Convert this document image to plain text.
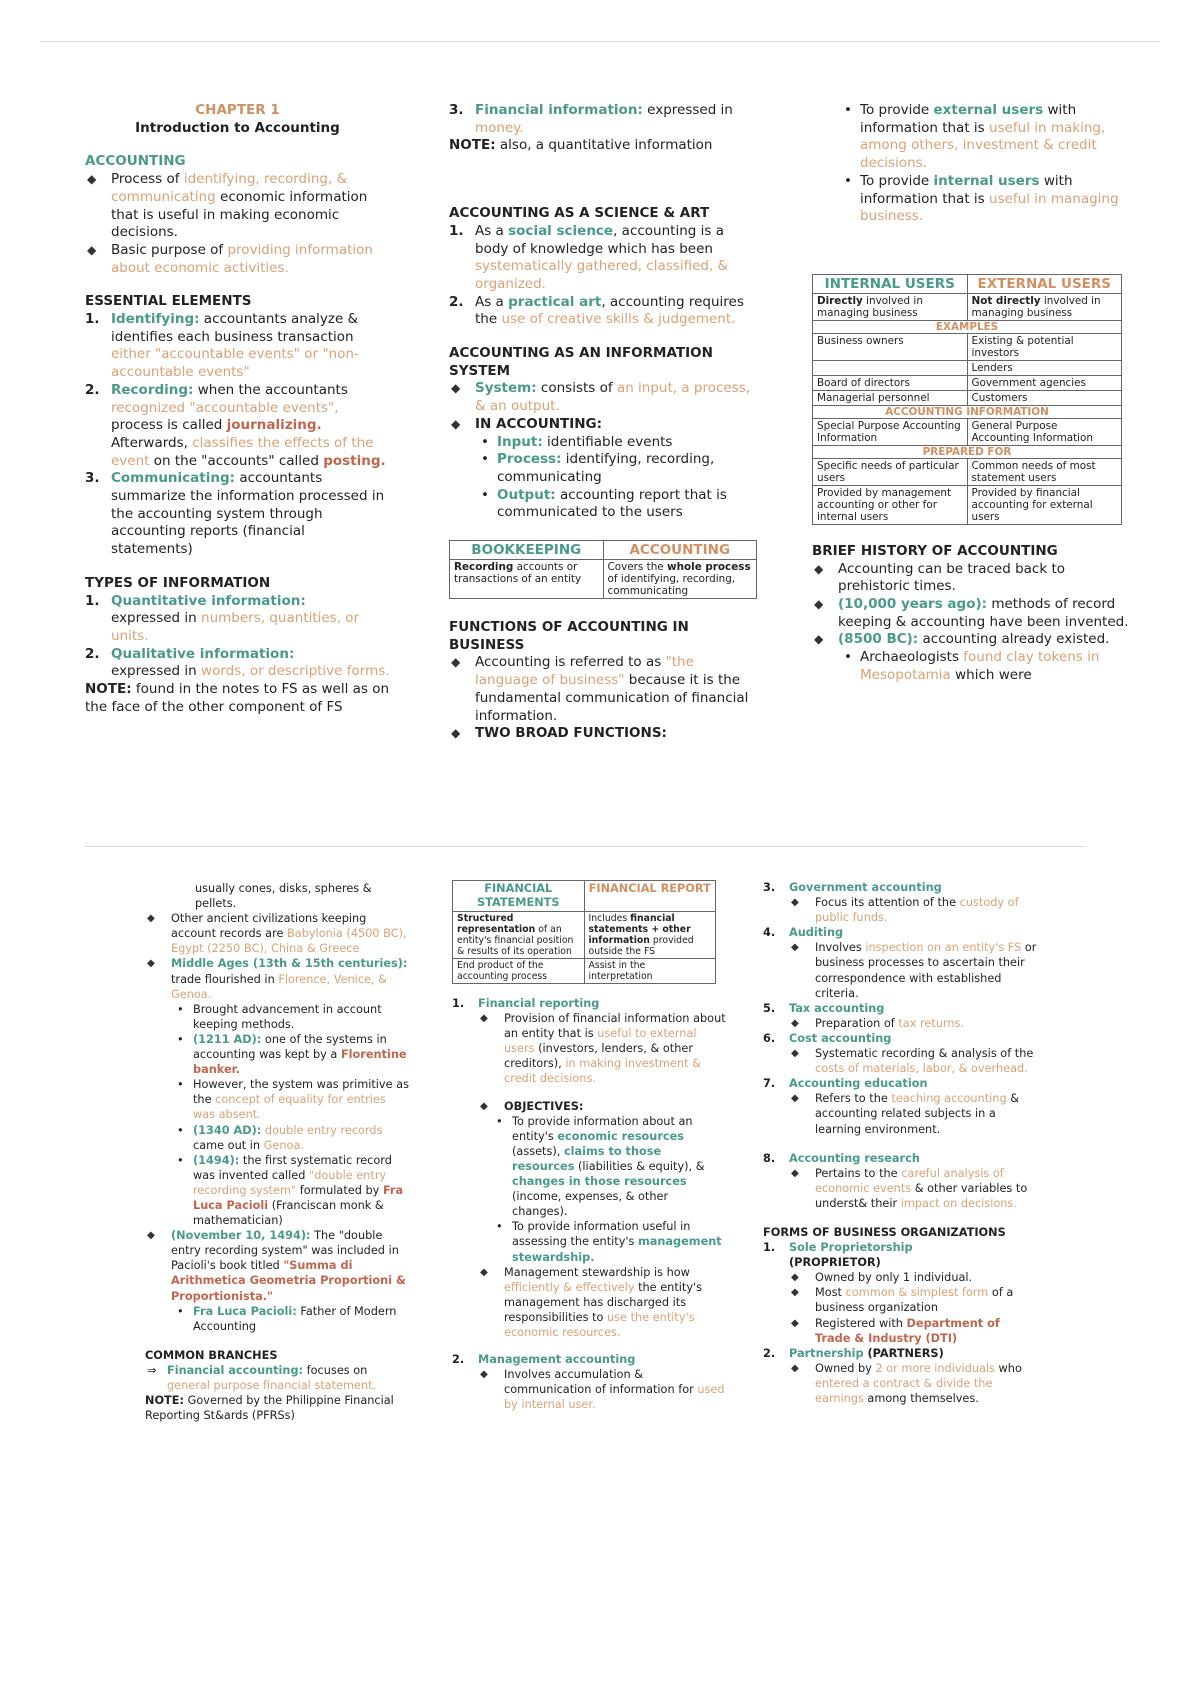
CHAPTER 1
Introduction to Accounting
ACCOUNTING
◆ Process of identifying, recording, & communicating economic information that is useful in making economic decisions.
◆ Basic purpose of providing information about economic activities.
ESSENTIAL ELEMENTS
1. Identifying: accountants analyze & identifies each business transaction either "accountable events" or "non-accountable events"
2. Recording: when the accountants recognized "accountable events", process is called journalizing. Afterwards, classifies the effects of the event on the "accounts" called posting.
3. Communicating: accountants summarize the information processed in the accounting system through accounting reports (financial statements)
TYPES OF INFORMATION
1. Quantitative information:
expressed in numbers, quantities, or units.
2. Qualitative information:
expressed in words, or descriptive forms.
NOTE: found in the notes to FS as well as on the face of the other component of FS
3. Financial information: expressed in money.
NOTE: also, a quantitative information
ACCOUNTING AS A SCIENCE & ART
1. As a social science, accounting is a body of knowledge which has been systematically gathered, classified, & organized.
2. As a practical art, accounting requires the use of creative skills & judgement.
ACCOUNTING AS AN INFORMATION SYSTEM
◆ System: consists of an input, a process, & an output.
◆ IN ACCOUNTING:
• Input: identifiable events
• Process: identifying, recording, communicating
• Output: accounting report that is communicated to the users
BOOKKEEPING	ACCOUNTING
Recording accounts or transactions of an entity	Covers the whole process of identifying, recording, communicating
FUNCTIONS OF ACCOUNTING IN BUSINESS
◆ Accounting is referred to as "the language of business" because it is the fundamental communication of financial information.
◆ TWO BROAD FUNCTIONS:
• To provide external users with information that is useful in making, among others, investment & credit decisions.
• To provide internal users with information that is useful in managing business.
INTERNAL USERS	EXTERNAL USERS
Directly involved in managing business	Not directly involved in managing business
EXAMPLES	
Business owners	Existing & potential investors
	Lenders
Board of directors	Government agencies
Managerial personnel	Customers
ACCOUNTING INFORMATION	
Special Purpose Accounting Information	General Purpose Accounting Information
PREPARED FOR	
Specific needs of particular users	Common needs of most statement users
Provided by management accounting or other for internal users	Provided by financial accounting for external users
BRIEF HISTORY OF ACCOUNTING
◆ Accounting can be traced back to prehistoric times.
◆ (10,000 years ago): methods of record keeping & accounting have been invented.
◆ (8500 BC): accounting already existed.
• Archaeologists found clay tokens in Mesopotamia which were
usually cones, disks, spheres & pellets.
◆ Other ancient civilizations keeping account records are Babylonia (4500 BC), Egypt (2250 BC), China & Greece
◆ Middle Ages (13th & 15th centuries): trade flourished in Florence, Venice, & Genoa.
• Brought advancement in account keeping methods.
• (1211 AD): one of the systems in accounting was kept by a Florentine banker.
• However, the system was primitive as the concept of equality for entries was absent.
• (1340 AD): double entry records came out in Genoa.
• (1494): the first systematic record was invented called "double entry recording system" formulated by Fra Luca Pacioli (Franciscan monk & mathematician)
◆ (November 10, 1494): The "double entry recording system" was included in Pacioli's book titled "Summa di Arithmetica Geometria Proportioni & Proportionista."
• Fra Luca Pacioli: Father of Modern Accounting
COMMON BRANCHES
⇒ Financial accounting: focuses on general purpose financial statement.
NOTE: Governed by the Philippine Financial Reporting St&ards (PFRSs)
FINANCIAL STATEMENTS	FINANCIAL REPORT
Structured representation of an entity's financial position & results of its operation	Includes financial statements + other information provided outside the FS
End product of the accounting process	Assist in the interpretation
1. Financial reporting
◆ Provision of financial information about an entity that is useful to external users (investors, lenders, & other creditors), in making investment & credit decisions.
◆ OBJECTIVES:
• To provide information about an entity's economic resources (assets), claims to those resources (liabilities & equity), & changes in those resources (income, expenses, & other changes).
• To provide information useful in assessing the entity's management stewardship.
◆ Management stewardship is how efficiently & effectively the entity's management has discharged its responsibilities to use the entity's economic resources.
2. Management accounting
◆ Involves accumulation & communication of information for used by internal user.
3. Government accounting
◆ Focus its attention of the custody of public funds.
4. Auditing
◆ Involves inspection on an entity's FS or business processes to ascertain their correspondence with established criteria.
5. Tax accounting
◆ Preparation of tax returns.
6. Cost accounting
◆ Systematic recording & analysis of the costs of materials, labor, & overhead.
7. Accounting education
◆ Refers to the teaching accounting & accounting related subjects in a learning environment.
8. Accounting research
◆ Pertains to the careful analysis of economic events & other variables to underst& their impact on decisions.
FORMS OF BUSINESS ORGANIZATIONS
1. Sole Proprietorship
(PROPRIETOR)
◆ Owned by only 1 individual.
◆ Most common & simplest form of a business organization
◆ Registered with Department of Trade & Industry (DTI)
2. Partnership (PARTNERS)
◆ Owned by 2 or more individuals who entered a contract & divide the earnings among themselves.
